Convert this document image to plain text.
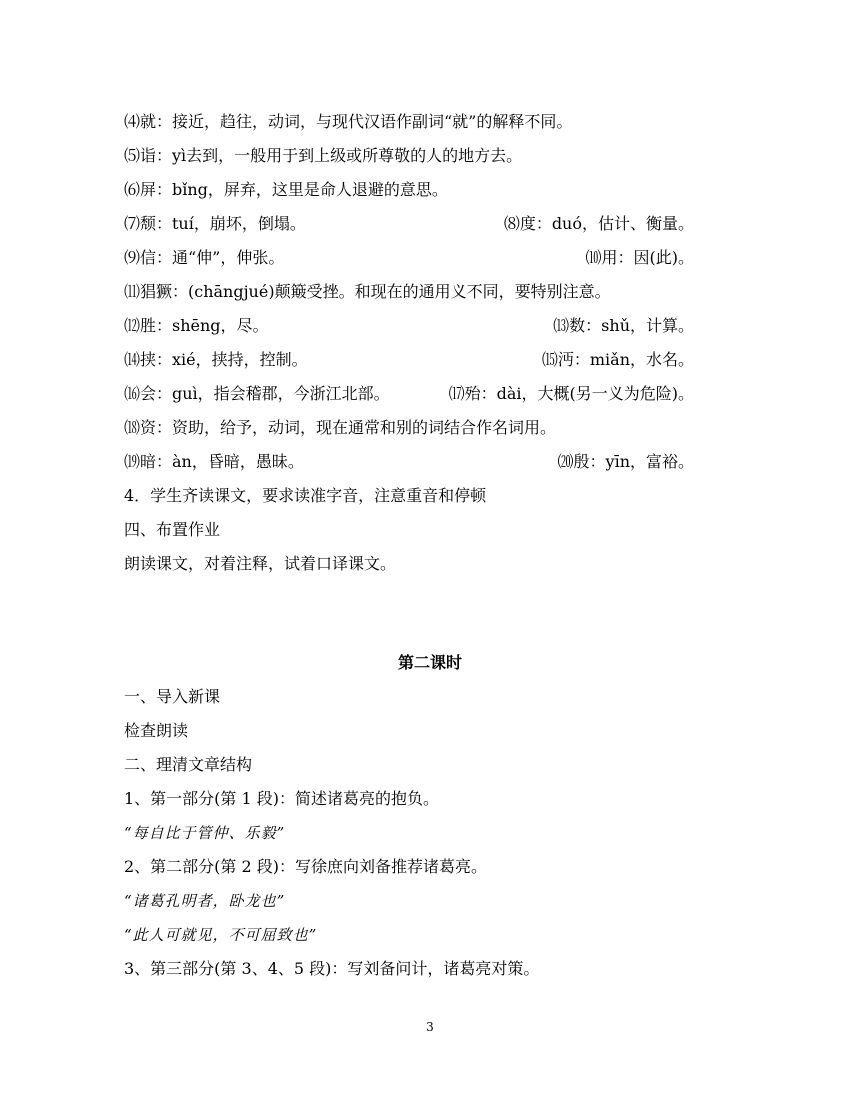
⑷就：接近，趋往，动词，与现代汉语作副词“就”的解释不同。
⑸诣：yì去到，一般用于到上级或所尊敬的人的地方去。
⑹屏：bǐng，屏弃，这里是命人退避的意思。
⑺颓：tuí，崩坏，倒塌。	⑻度：duó，估计、衡量。
⑼信：通“伸”，伸张。	⑽用：因(此)。
⑾猖獗：(chāngjué)颠簸受挫。和现在的通用义不同，要特别注意。
⑿胜：shēng，尽。	⒀数：shǔ，计算。
⒁挟：xié，挟持，控制。	⒂沔：miǎn，水名。
⒃会：guì，指会稽郡，今浙江北部。	⒄殆：dài，大概(另一义为危险)。
⒅资：资助，给予，动词，现在通常和别的词结合作名词用。
⒆暗：àn，昏暗，愚昧。	⒇殷：yīn，富裕。
4．学生齐读课文，要求读准字音，注意重音和停顿
四、布置作业
朗读课文，对着注释，试着口译课文。
第二课时
一、导入新课
检查朗读
二、理清文章结构
1、第一部分(第 1 段)：简述诸葛亮的抱负。
“每自比于管仲、乐毅”
2、第二部分(第 2 段)：写徐庶向刘备推荐诸葛亮。
“诸葛孔明者，卧龙也”
“此人可就见，不可屈致也”
3、第三部分(第 3、4、5 段)：写刘备问计，诸葛亮对策。
3
